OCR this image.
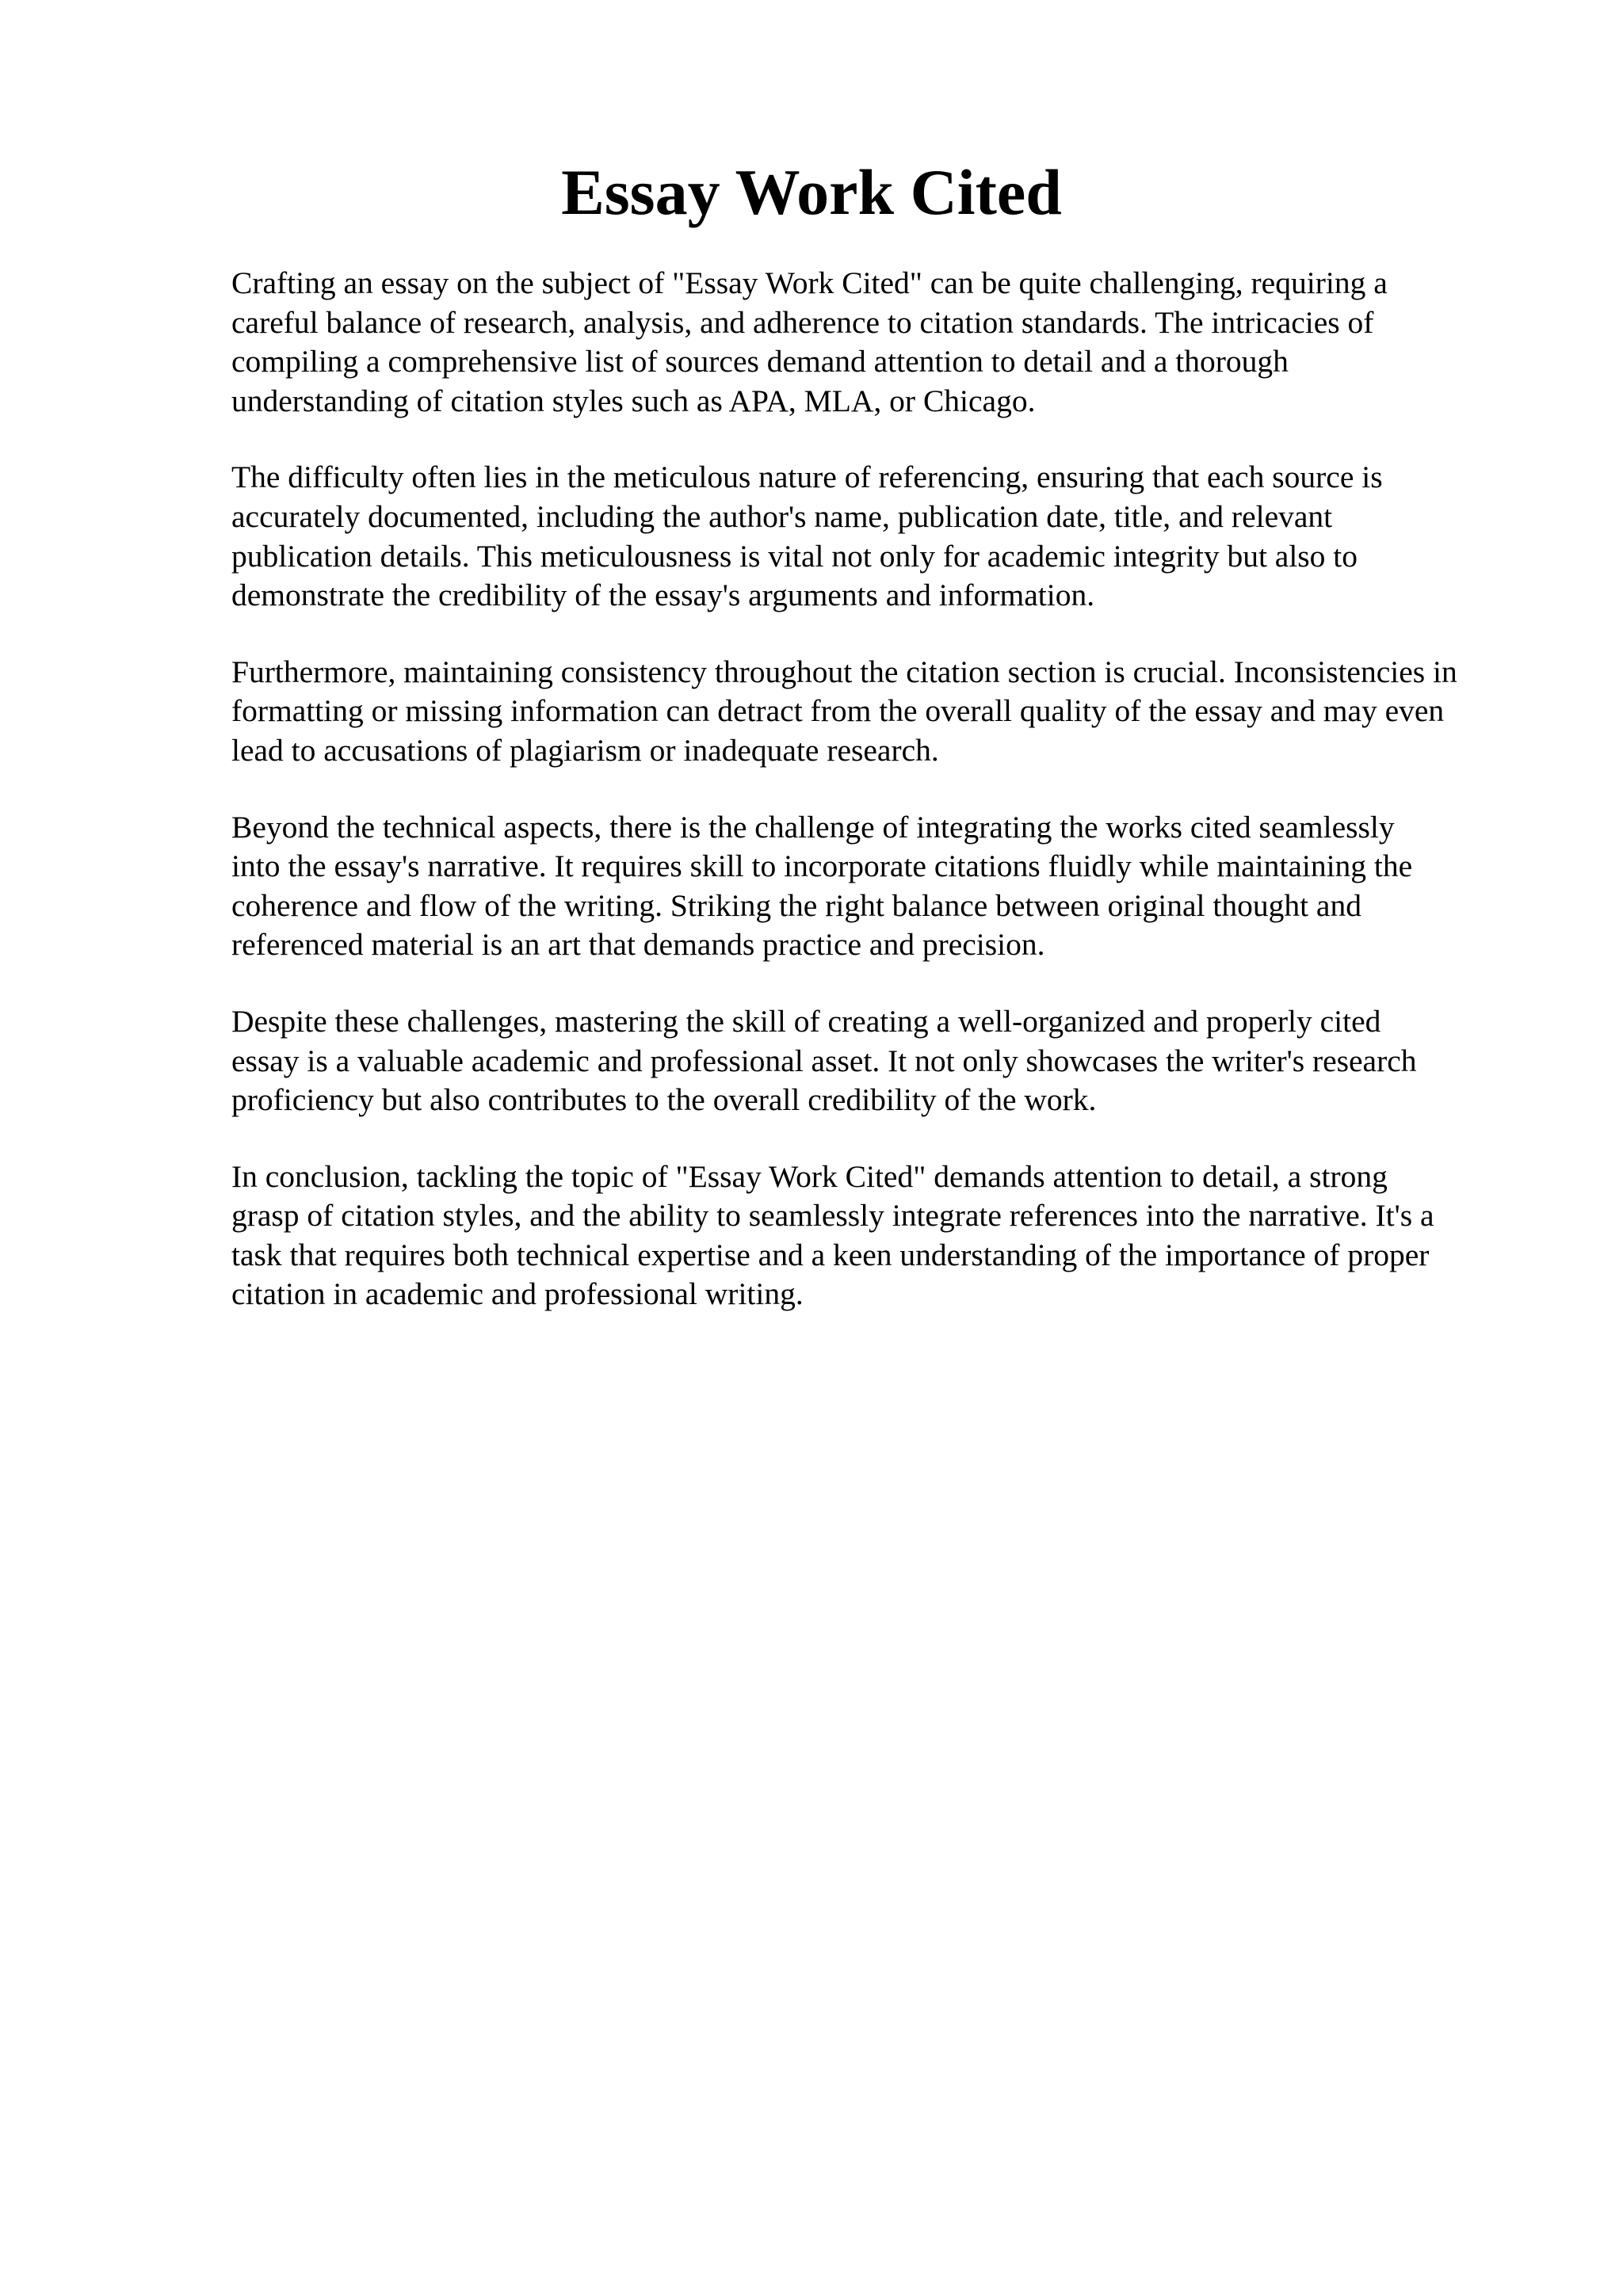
Essay Work Cited

Crafting an essay on the subject of "Essay Work Cited" can be quite challenging, requiring a
careful balance of research, analysis, and adherence to citation standards. The intricacies of
compiling a comprehensive list of sources demand attention to detail and a thorough
understanding of citation styles such as APA, MLA, or Chicago.

The difficulty often lies in the meticulous nature of referencing, ensuring that each source is
accurately documented, including the author's name, publication date, title, and relevant
publication details. This meticulousness is vital not only for academic integrity but also to
demonstrate the credibility of the essay's arguments and information.

Furthermore, maintaining consistency throughout the citation section is crucial. Inconsistencies in
formatting or missing information can detract from the overall quality of the essay and may even
lead to accusations of plagiarism or inadequate research.

Beyond the technical aspects, there is the challenge of integrating the works cited seamlessly
into the essay's narrative. It requires skill to incorporate citations fluidly while maintaining the
coherence and flow of the writing. Striking the right balance between original thought and
referenced material is an art that demands practice and precision.

Despite these challenges, mastering the skill of creating a well-organized and properly cited
essay is a valuable academic and professional asset. It not only showcases the writer's research
proficiency but also contributes to the overall credibility of the work.

In conclusion, tackling the topic of "Essay Work Cited" demands attention to detail, a strong
grasp of citation styles, and the ability to seamlessly integrate references into the narrative. It's a
task that requires both technical expertise and a keen understanding of the importance of proper
citation in academic and professional writing.
